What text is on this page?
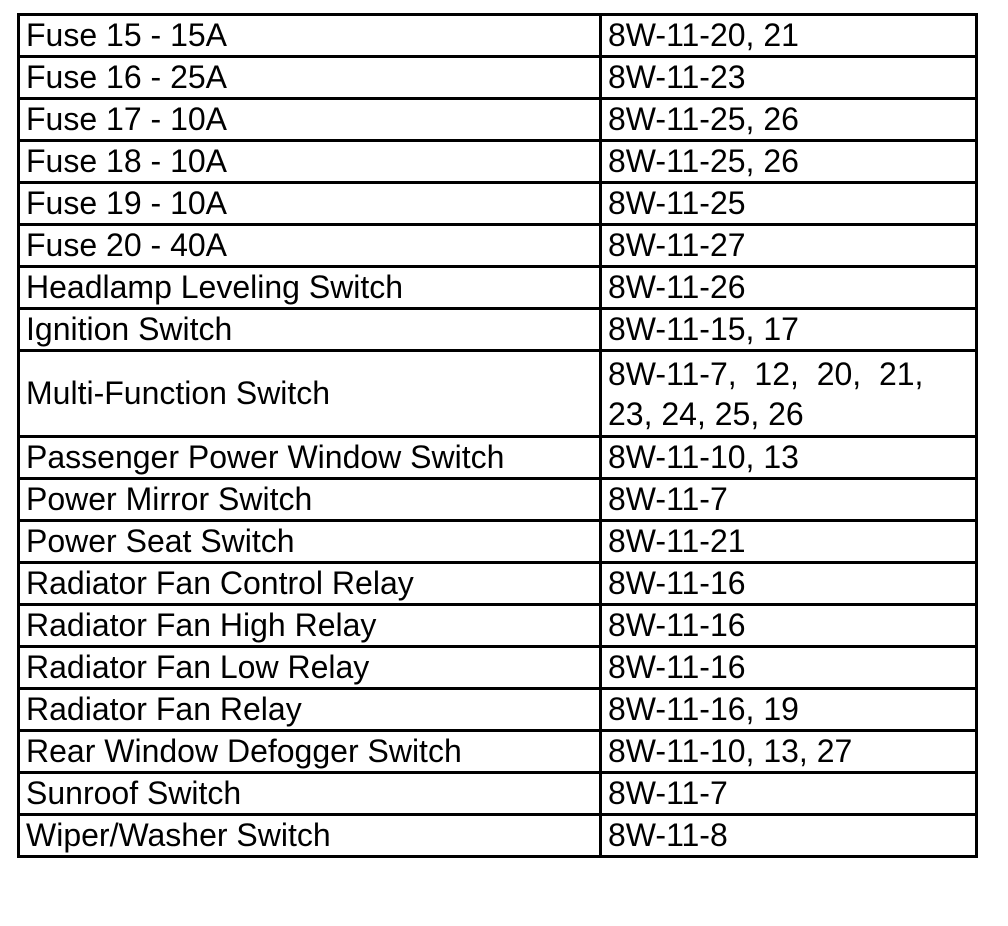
Fuse 15 - 15A	8W-11-20, 21

Fuse 16 - 25A	8W-11-23

Fuse 17 - 10A	8W-11-25, 26

Fuse 18 - 10A	8W-11-25, 26

Fuse 19 - 10A	8W-11-25

Fuse 20 - 40A	8W-11-27

Headlamp Leveling Switch	8W-11-26

Ignition Switch	8W-11-15, 17

Multi-Function Switch	8W-11-7,  12,  20,  21,
23, 24, 25, 26

Passenger Power Window Switch	8W-11-10, 13

Power Mirror Switch	8W-11-7

Power Seat Switch	8W-11-21

Radiator Fan Control Relay	8W-11-16

Radiator Fan High Relay	8W-11-16

Radiator Fan Low Relay	8W-11-16

Radiator Fan Relay	8W-11-16, 19

Rear Window Defogger Switch	8W-11-10, 13, 27

Sunroof Switch	8W-11-7

Wiper/Washer Switch	8W-11-8
